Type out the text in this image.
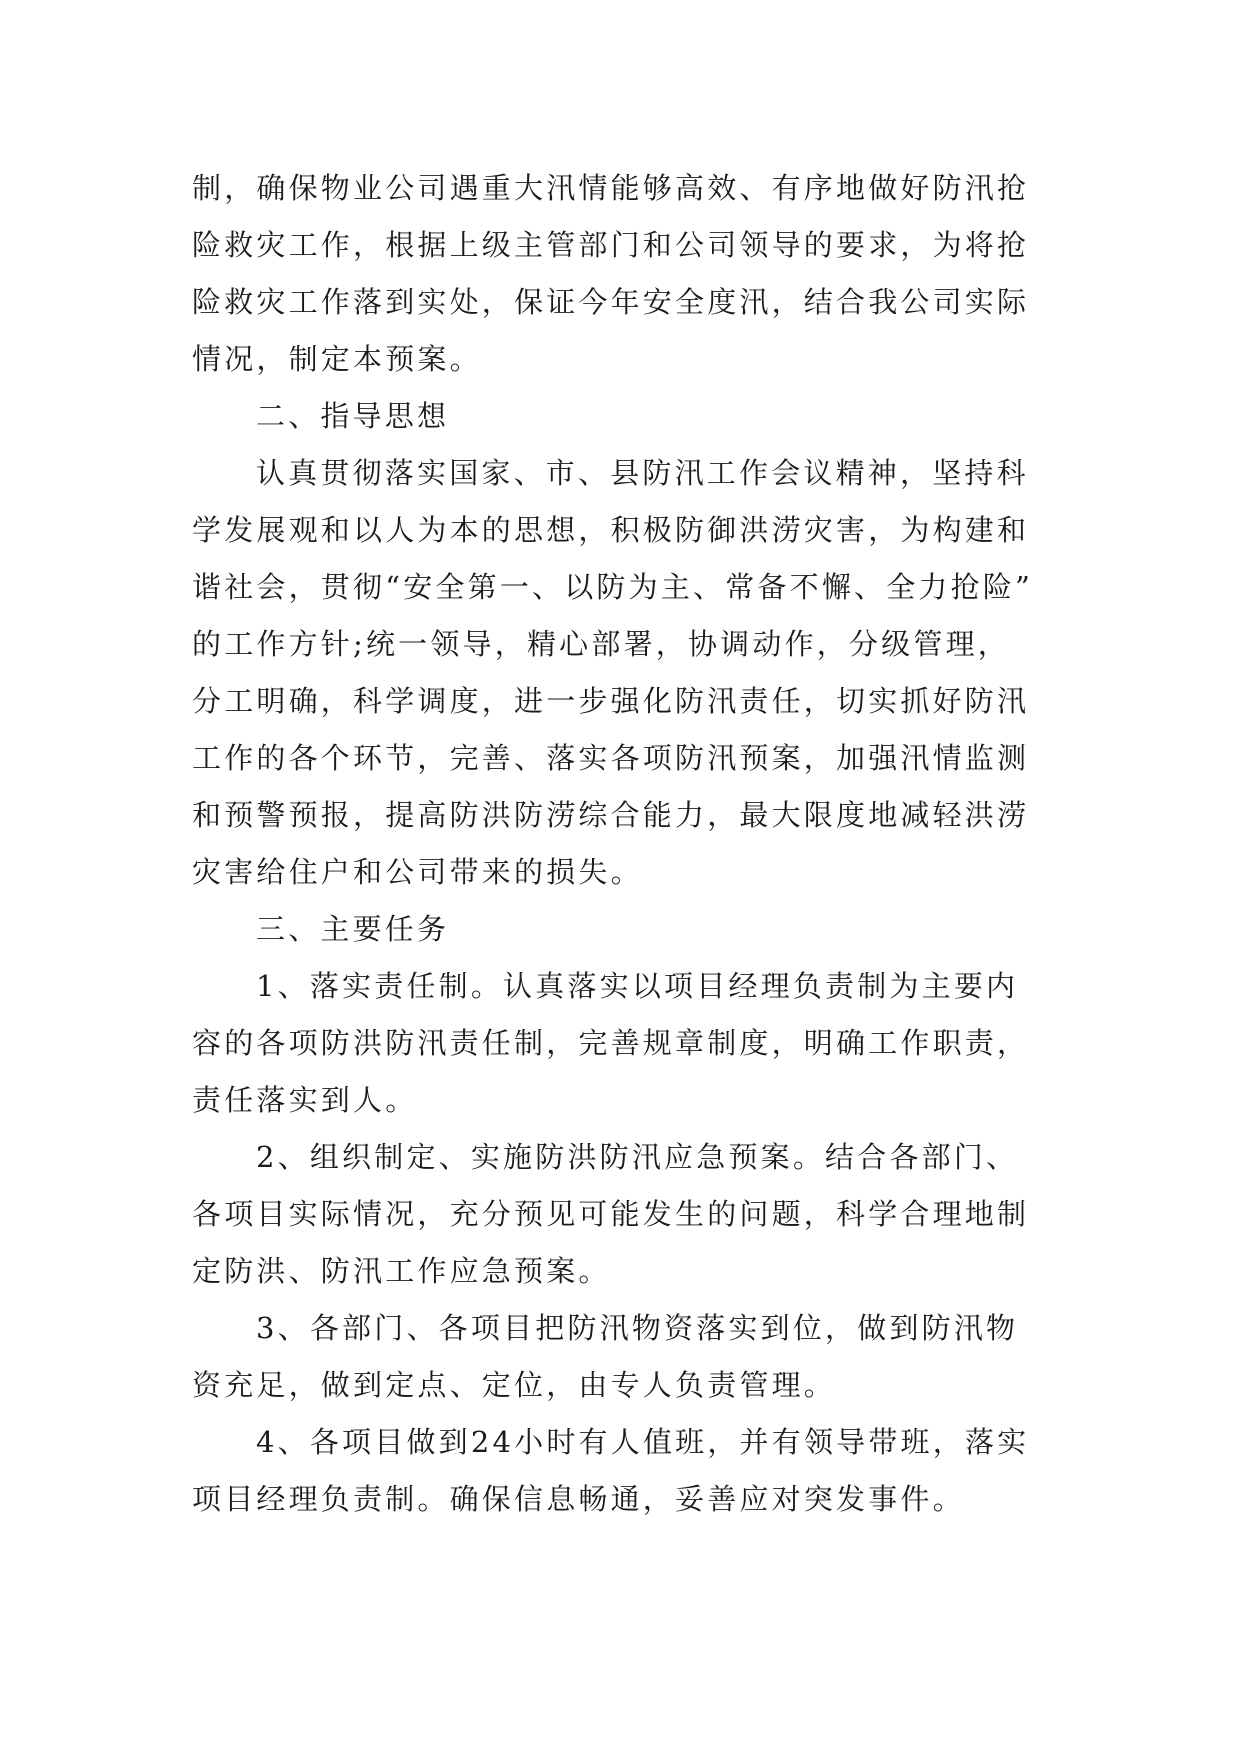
制，确保物业公司遇重大汛情能够高效、有序地做好防汛抢
险救灾工作，根据上级主管部门和公司领导的要求，为将抢
险救灾工作落到实处，保证今年安全度汛，结合我公司实际
情况，制定本预案。
二、指导思想
认真贯彻落实国家、市、县防汛工作会议精神，坚持科
学发展观和以人为本的思想，积极防御洪涝灾害，为构建和
谐社会，贯彻“安全第一、以防为主、常备不懈、全力抢险”
的工作方针;统一领导，精心部署，协调动作，分级管理，
分工明确，科学调度，进一步强化防汛责任，切实抓好防汛
工作的各个环节，完善、落实各项防汛预案，加强汛情监测
和预警预报，提高防洪防涝综合能力，最大限度地减轻洪涝
灾害给住户和公司带来的损失。
三、主要任务
1、落实责任制。认真落实以项目经理负责制为主要内
容的各项防洪防汛责任制，完善规章制度，明确工作职责，
责任落实到人。
2、组织制定、实施防洪防汛应急预案。结合各部门、
各项目实际情况，充分预见可能发生的问题，科学合理地制
定防洪、防汛工作应急预案。
3、各部门、各项目把防汛物资落实到位，做到防汛物
资充足，做到定点、定位，由专人负责管理。
4、各项目做到24小时有人值班，并有领导带班，落实
项目经理负责制。确保信息畅通，妥善应对突发事件。
